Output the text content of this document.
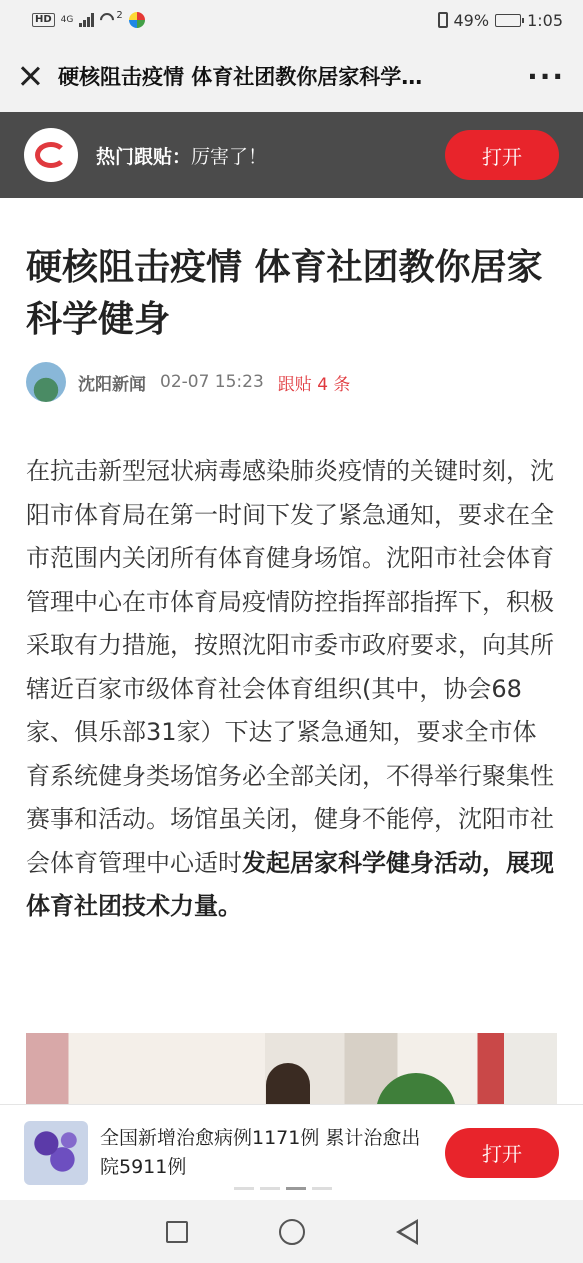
HD	4G	2	49% 1:05
硬核阻击疫情 体育社团教你居家科学…	···
热门跟贴：厉害了！	打开
硬核阻击疫情 体育社团教你居家科学健身
沈阳新闻 02-07 15:23 跟贴 4 条

在抗击新型冠状病毒感染肺炎疫情的关键时刻，沈阳市体育局在第一时间下发了紧急通知，要求在全市范围内关闭所有体育健身场馆。沈阳市社会体育管理中心在市体育局疫情防控指挥部指挥下，积极采取有力措施，按照沈阳市委市政府要求，向其所辖近百家市级体育社会体育组织(其中，协会68家、俱乐部31家）下达了紧急通知，要求全市体育系统健身类场馆务必全部关闭，不得举行聚集性赛事和活动。场馆虽关闭，健身不能停，沈阳市社会体育管理中心适时发起居家科学健身活动，展现体育社团技术力量。

全国新增治愈病例1171例 累计治愈出院5911例
打开
